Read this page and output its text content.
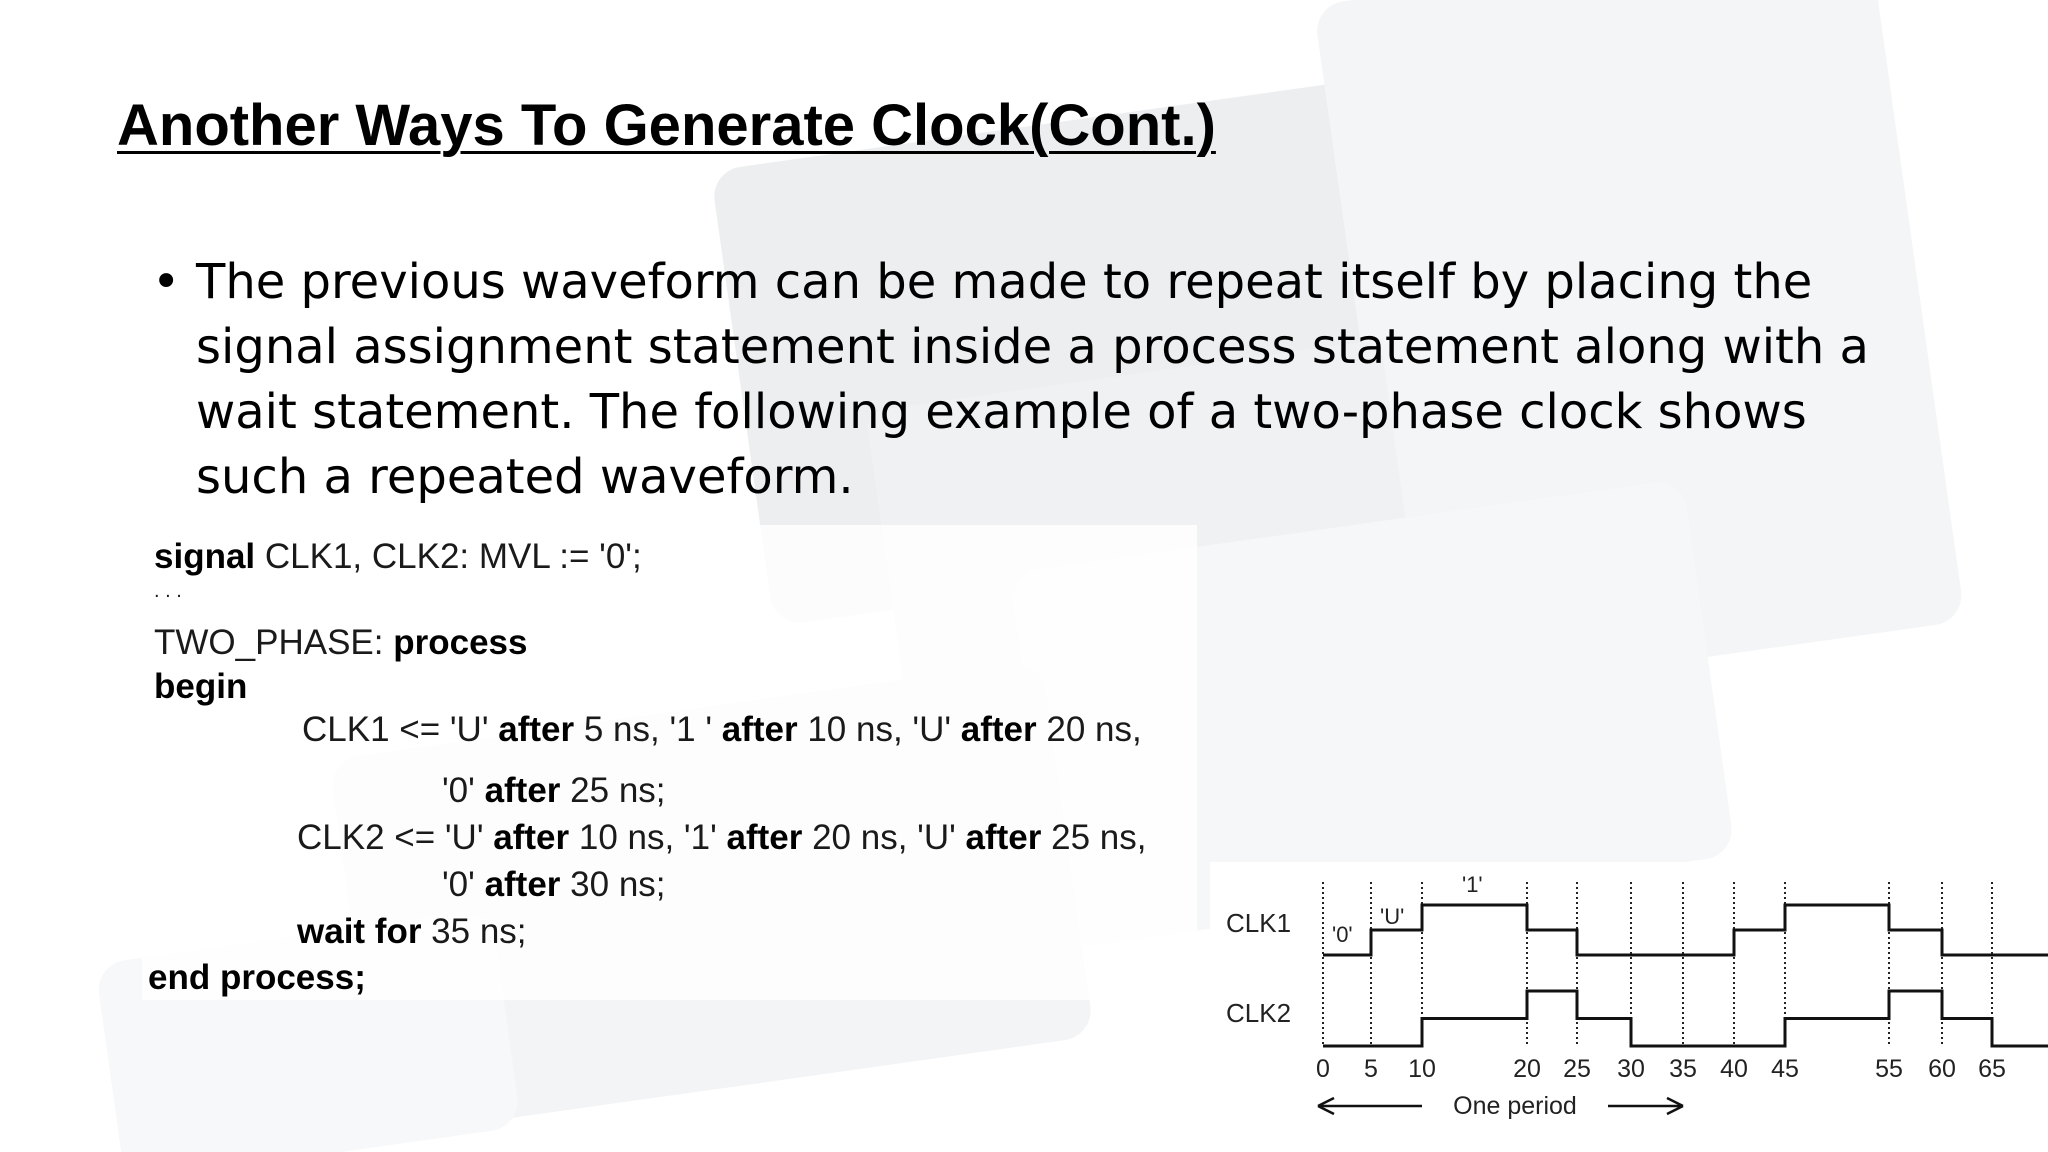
Another Ways To Generate Clock(Cont.)
• The previous waveform can be made to repeat itself by placing the signal assignment statement inside a process statement along with a wait statement. The following example of a two-phase clock shows such a repeated waveform.
signal CLK1, CLK2: MVL := '0';
. . .
TWO_PHASE: process
begin
CLK1 <= 'U' after 5 ns, '1 ' after 10 ns, 'U' after 20 ns,
'0' after 25 ns;
CLK2 <= 'U' after 10 ns, '1' after 20 ns, 'U' after 25 ns,
'0' after 30 ns;
wait for 35 ns;
end process;
CLK1
CLK2
'0'
'U'
'1'
0 5 10	20 25 30 35 40 45	55 60 65
One period
